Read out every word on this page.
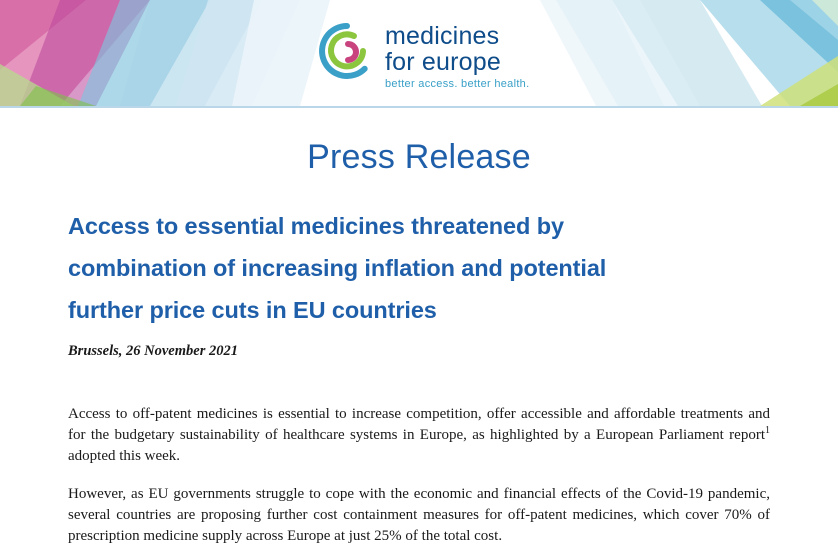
medicines
for europe
better access. better health.
Press Release
Access to essential medicines threatened by
combination of increasing inflation and potential
further price cuts in EU countries
Brussels, 26 November 2021

Access to off-patent medicines is essential to increase competition, offer accessible and affordable treatments and for the budgetary sustainability of healthcare systems in Europe, as highlighted by a European Parliament report$^1$ adopted this week.

However, as EU governments struggle to cope with the economic and financial effects of the Covid-19 pandemic, several countries are proposing further cost containment measures for off-patent medicines, which cover 70% of prescription medicine supply across Europe at just 25% of the total cost.
